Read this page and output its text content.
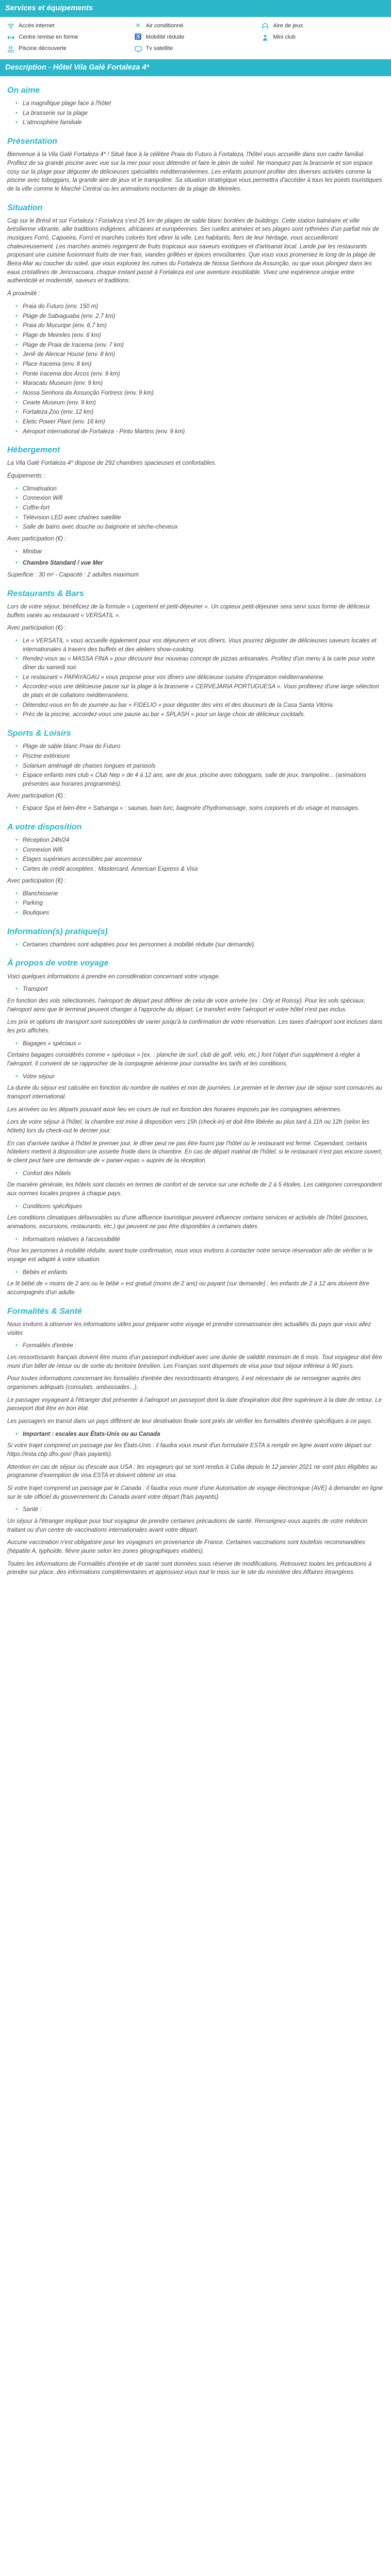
Services et équipements
Accès internet	❄ Air conditionné	Aire de jeux
Centre remise en forme	♿ Mobilité réduite	Mini club
Piscine découverte	Tv satellite
Description - Hôtel Vila Galé Fortaleza 4*
On aime
• La magnifique plage face à l'hôtel
• La brasserie sur la plage
• L'atmosphère familiale
Présentation

Bienvenue à la Vila Galé Fortaleza 4* ! Situé face à la célèbre Praia do Futuro à Fortaleza, l'hôtel vous accueille dans son cadre familial. Profitez de sa grande piscine avec vue sur la mer pour vous détendre et faire le plein de soleil. Ne manquez pas la brasserie et son espace cosy sur la plage pour déguster de délicieuses spécialités méditerranéennes. Les enfants pourront profiter des diverses activités comme la piscine avec toboggans, la grande aire de jeux et le trampoline. Sa situation stratégique vous permettra d'accéder à tous les points touristiques de la ville comme le Marché Central ou les animations nocturnes de la plage de Meireles.

Situation

Cap sur le Brésil et sur Fortaleza ! Fortaleza s'est 25 km de plages de sable blanc bordées de buildings. Cette station balnéaire et ville brésilienne vibrante, allie traditions indigènes, africaines et européennes. Ses ruelles animées et ses plages sont rythmées d'un parfait mix de musiques Forró, Capoeira, Forró et marchés colorés font vibrer la ville. Les habitants, fiers de leur héritage, vous accueilleront chaleureusement. Les marchés animés regorgent de fruits tropicaux aux saveurs exotiques et d'artisanat local. Lande par les restaurants proposant une cuisine fusionnant fruits de mer frais, viandes grillées et épices envoûtantes. Que vous vous promeniez le long de la plage de Beira-Mar au coucher du soleil, que vous exploriez les ruines du Fortaleza de Nossa Senhora da Assunção, ou que vous plongiez dans les eaux cristallines de Jericoacoara, chaque instant passé à Fortaleza est une aventure inoubliable. Vivez une expérience unique entre authenticité et modernité, saveurs et traditions.

À proximité :

• Praia do Futuro (env. 150 m)
• Plage de Sabiaguaba (env. 2,7 km)
• Praia do Mucuripe (env. 6,7 km)
• Plage de Meireles (env. 6 km)
• Plage de Praia de Iracema (env. 7 km)
• Jenê de Alencar House (env. 8 km)
• Place Iracema (env. 8 km)
• Ponte Iracema dos Arcos (env. 9 km)
• Maracatu Museum (env. 9 km)
• Nossa Senhora da Assunção Fortress (env. 9 km)
• Cearte Museum (env. 9 km)
• Fortaleza Zoo (env. 12 km)
• Eletic Power Plant (env. 16 km)
• Aéroport international de Fortaleza - Pinto Martins (env. 9 km)
Hébergement

La Vila Galé Fortaleza 4* dispose de 292 chambres spacieuses et confortables.

Équipements :

• Climatisation
• Connexion Wifi
• Coffre-fort
• Télévision LED avec chaînes satellite
• Salle de bains avec douche ou baignoire et sèche-cheveux

Avec participation (€) :

• Minibar
• Chambre Standard / vue Mer

Superficie : 30 m² - Capacité : 2 adultes maximum

Restaurants & Bars

Lors de votre séjour, bénéficiez de la formule « Logement et petit-déjeuner ». Un copieux petit-déjeuner sera servi sous forme de délicieux buffets variés au restaurant « VERSATIL ».

Avec participation (€) :

• Le « VERSATIL » vous accueille également pour vos déjeuners et vos dîners. Vous pourrez déguster de délicieuses saveurs locales et internationales à travers des buffets et des ateliers show-cooking.
• Rendez-vous au « MASSA FINA » pour découvrir leur nouveau concept de pizzas artisanales. Profitez d'un menu à la carte pour votre dîner du samedi soir.
• Le restaurant « PAPAYAGAU » vous propose pour vos dîners une délicieuse cuisine d'inspiration méditerranéenne.
• Accordez-vous une délicieuse pause sur la plage à la brasserie « CERVEJARIA PORTUGUESA ». Vous profiterez d'une large sélection de plats et de collations méditerranéens.
• Détendez-vous en fin de journée au bar « FIDELIO » pour déguster des vins et des douceurs de la Casa Santa Vitória.
• Près de la piscine, accordez-vous une pause au bar « SPLASH » pour un large choix de délicieux cocktails.
Sports & Loisirs
• Plage de sable blanc Praia do Futuro
• Piscine extérieure
• Solarium aménagé de chaises longues et parasols
• Espace enfants mini club « Club Nep » de 4 à 12 ans, aire de jeux, piscine avec toboggans, salle de jeux, trampoline... (animations présentes aux horaires programmés).

Avec participation (€) :

• Espace Spa et bien-être « Satsanga » : saunas, bain turc, baignoire d'hydromassage, soins corporels et du visage et massages.
A votre disposition
• Réception 24h/24
• Connexion Wifi
• Étages supérieurs accessibles par ascenseur
• Cartes de crédit acceptées : Mastercard, American Express & Visa

Avec participation (€) :

• Blanchisserie
• Parking
• Boutiques
Information(s) pratique(s)
• Certaines chambres sont adaptées pour les personnes à mobilité réduite (sur demande).
À propos de votre voyage

Voici quelques informations à prendre en considération concernant votre voyage.

• Transport

En fonction des vols sélectionnés, l'aéroport de départ peut différer de celui de votre arrivée (ex : Orly et Roissy). Pour les vols spéciaux, l'aéroport ainsi que le terminal peuvent changer à l'approche du départ. Le transfert entre l'aéroport et votre hôtel n'est pas inclus.

Les prix et options de transport sont susceptibles de varier jusqu'à la confirmation de votre réservation. Les taxes d'aéroport sont incluses dans les prix affichés.

• Bagages « spéciaux »

Certains bagages considérés comme « spéciaux » (ex. : planche de surf, club de golf, vélo, etc.) font l'objet d'un supplément à régler à l'aéroport. Il convient de se rapprocher de la compagnie aérienne pour connaître les tarifs et les conditions.

• Votre séjour

La durée du séjour est calculée en fonction du nombre de nuitées et non de journées. Le premier et le dernier jour de séjour sont consacrés au transport international.

Les arrivées ou les départs pouvant avoir lieu en cours de nuit en fonction des horaires imposés par les compagnies aériennes.

Lors de votre séjour à l'hôtel, la chambre est mise à disposition vers 15h (check-in) et doit être libérée au plus tard à 11h ou 12h (selon les hôtels) lors du check-out le dernier jour.

En cas d'arrivée tardive à l'hôtel le premier jour, le dîner peut ne pas être fourni par l'hôtel ou le restaurant est fermé. Cependant, certains hôteliers mettent à disposition une assiette froide dans la chambre. En cas de départ matinal de l'hôtel, si le restaurant n'est pas encore ouvert, le client peut faire une demande de « panier-repas » auprès de la réception.

• Confort des hôtels

De manière générale, les hôtels sont classés en termes de confort et de service sur une échelle de 2 à 5 étoiles. Les catégories correspondent aux normes locales propres à chaque pays.

• Conditions spécifiques

Les conditions climatiques défavorables ou d'une affluence touristique peuvent influencer certains services et activités de l'hôtel (piscines, animations, excursions, restaurants, etc.) qui peuvent ne pas être disponibles à certaines dates.

• Informations relatives à l'accessibilité

Pour les personnes à mobilité réduite, avant toute confirmation, nous vous invitons à contacter notre service réservation afin de vérifier si le voyage est adapté à votre situation.

• Bébés et enfants

Le lit bébé de « moins de 2 ans ou le bébé » est gratuit (moins de 2 ans) ou payant (sur demande) ; les enfants de 2 à 12 ans doivent être accompagnés d'un adulte.

Formalités & Santé

Nous invitons à observer les informations utiles pour préparer votre voyage et prendre connaissance des actualités du pays que vous allez visiter.

• Formalités d'entrée :

Les ressortissants français doivent être munis d'un passeport individuel avec une durée de validité minimum de 6 mois. Tout voyageur doit être muni d'un billet de retour ou de sortie du territoire brésilien. Les Français sont dispensés de visa pour tout séjour inférieur à 90 jours.

Pour toutes informations concernant les formalités d'entrée des ressortissants étrangers, il est nécessaire de se renseigner auprès des organismes adéquats (consulats, ambassades...).

Le passager voyageant à l'étranger doit présenter à l'aéroport un passeport dont la date d'expiration doit être supérieure à la date de retour. Le passeport doit être en bon état.

Les passagers en transit dans un pays différent de leur destination finale sont priés de vérifier les formalités d'entrée spécifiques à ce pays.

• Important : escales aux États-Unis ou au Canada

Si votre trajet comprend un passage par les États-Unis : il faudra vous munir d'un formulaire ESTA à remplir en ligne avant votre départ sur https://esta.cbp.dhs.gov/ (frais payants).

Attention en cas de séjour ou d'escale aux USA : les voyageurs qui se sont rendus à Cuba depuis le 12 janvier 2021 ne sont plus éligibles au programme d'exemption de visa ESTA et doivent obtenir un visa.

Si votre trajet comprend un passage par le Canada : il faudra vous munir d'une Autorisation de voyage électronique (AVE) à demander en ligne sur le site officiel du gouvernement du Canada avant votre départ (frais payants).

• Santé :

Un séjour à l'étranger implique pour tout voyageur de prendre certaines précautions de santé. Renseignez-vous auprès de votre médecin traitant ou d'un centre de vaccinations internationales avant votre départ.

Aucune vaccination n'est obligatoire pour les voyageurs en provenance de France. Certaines vaccinations sont toutefois recommandées (hépatite A, typhoïde, fièvre jaune selon les zones géographiques visitées).

Toutes les informations de Formalités d'entrée et de santé sont données sous réserve de modifications. Retrouvez toutes les précautions à prendre sur place, des informations complémentaires et approuvez-vous tout le mois sur le site du ministère des Affaires étrangères.
